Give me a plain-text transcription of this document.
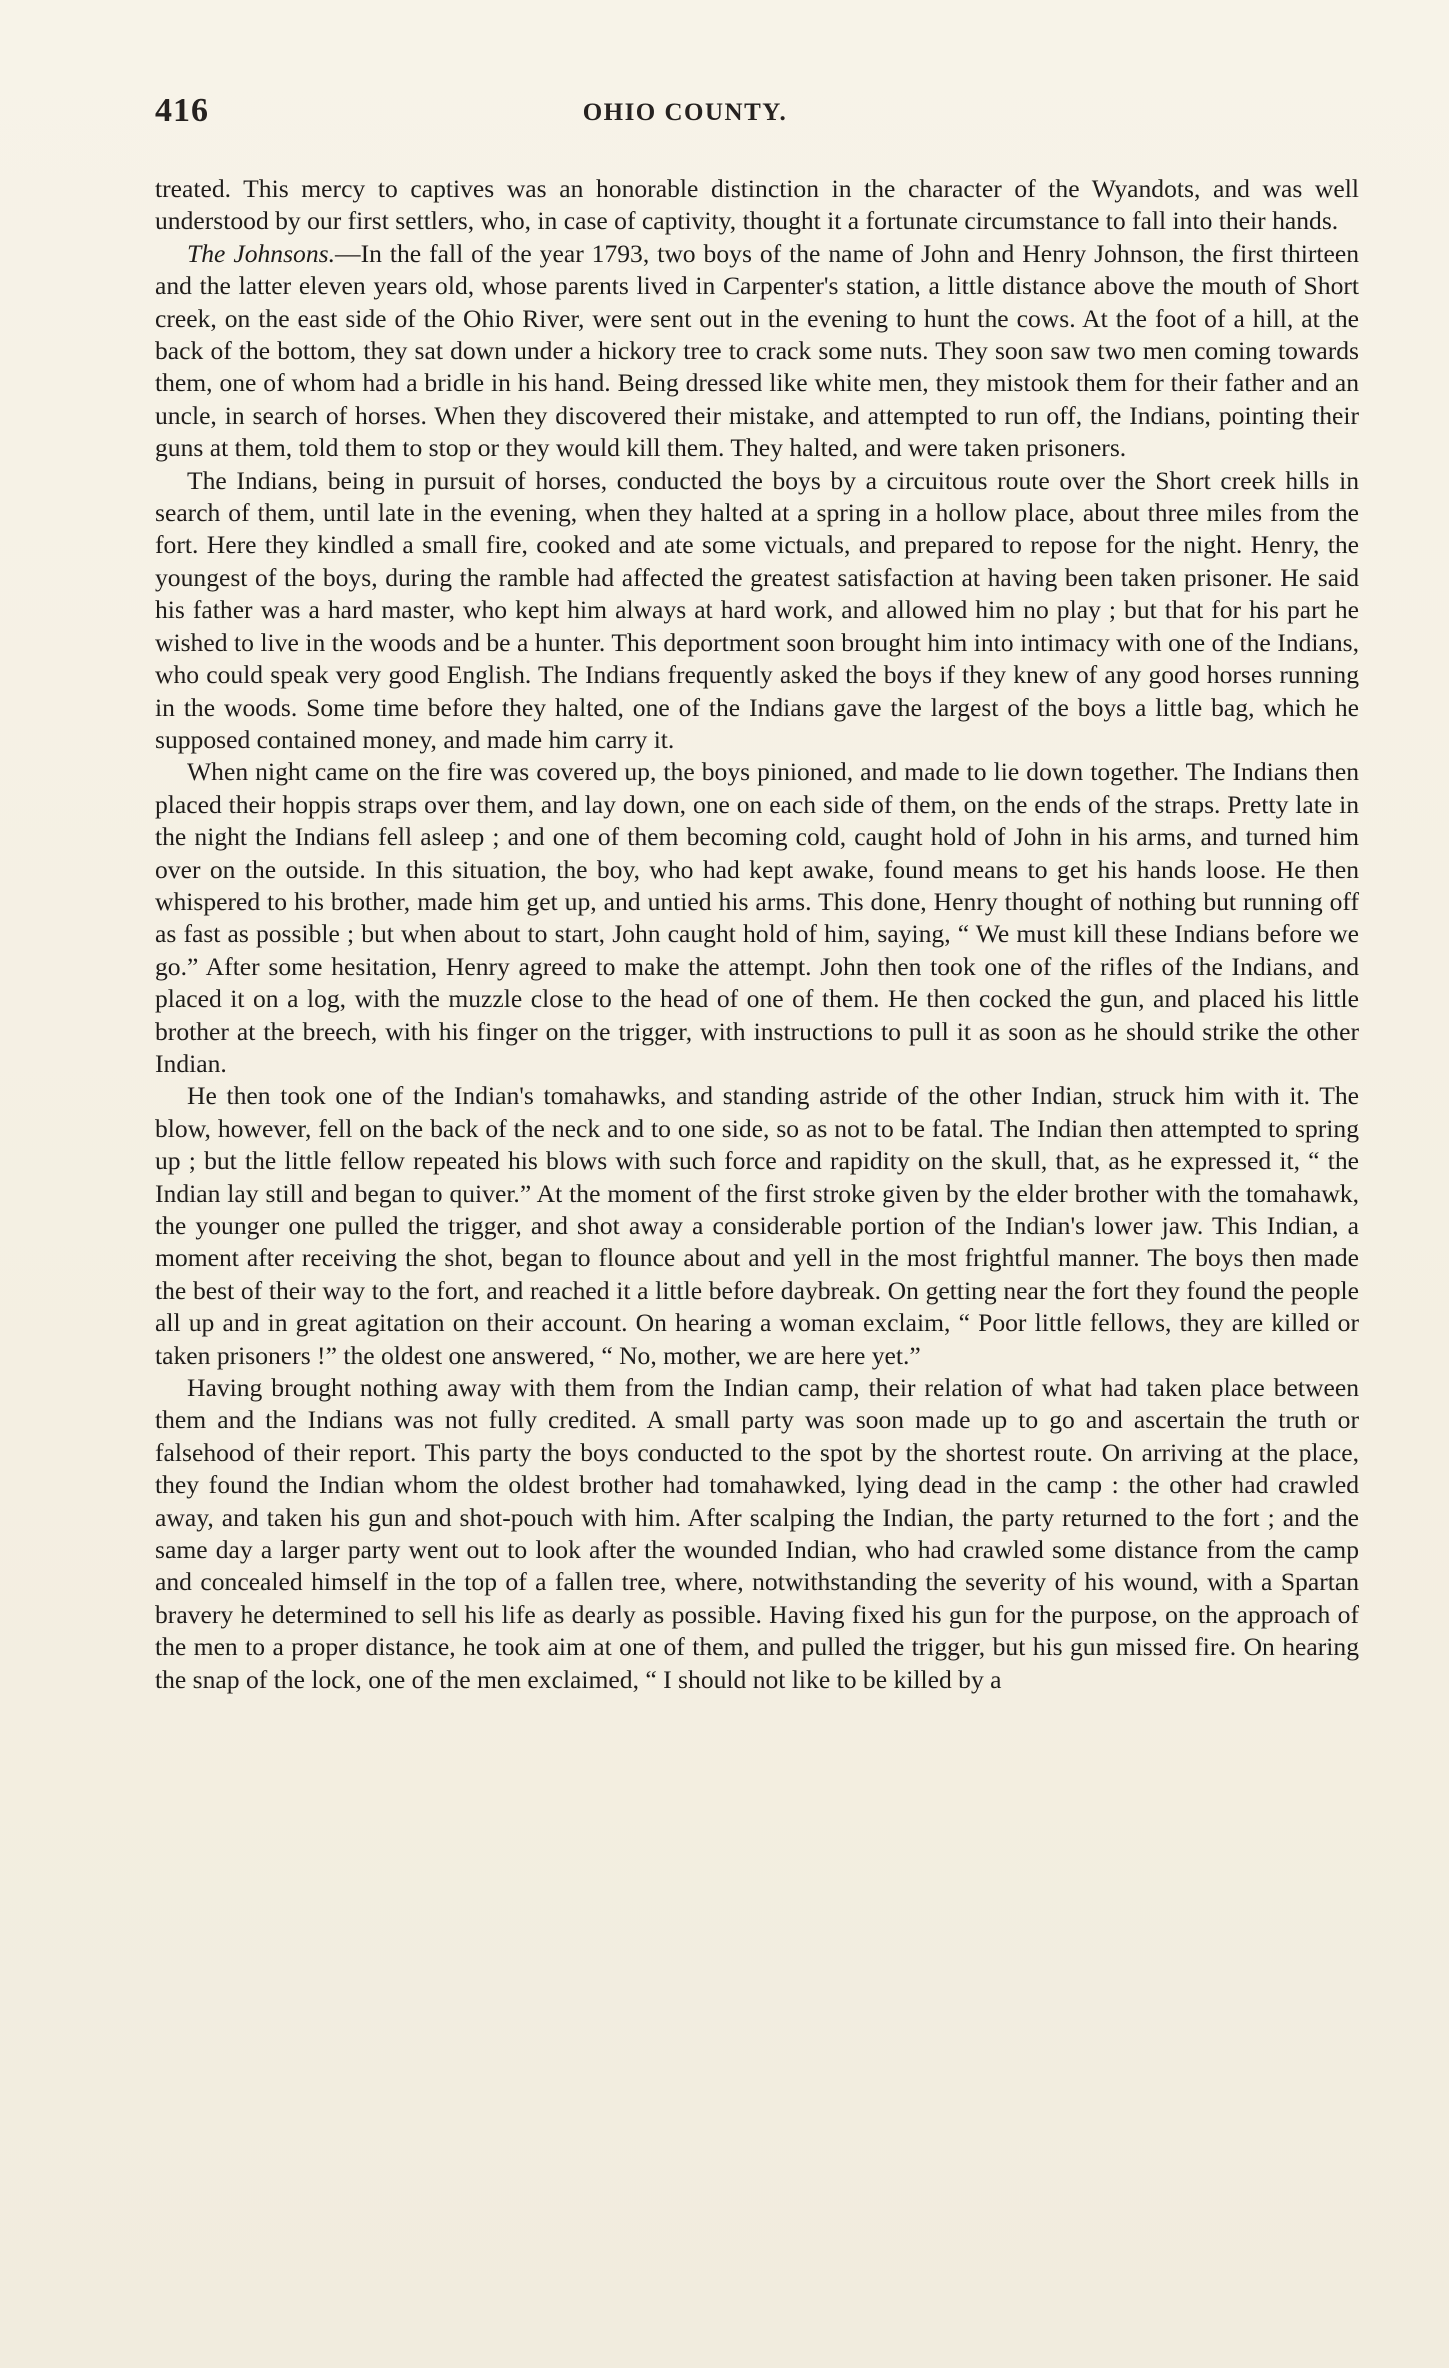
416	OHIO COUNTY.

treated. This mercy to captives was an honorable distinction in the character of the Wyandots, and was well understood by our first settlers, who, in case of captivity, thought it a fortunate circumstance to fall into their hands.

The Johnsons.—In the fall of the year 1793, two boys of the name of John and Henry Johnson, the first thirteen and the latter eleven years old, whose parents lived in Carpenter's station, a little distance above the mouth of Short creek, on the east side of the Ohio River, were sent out in the evening to hunt the cows. At the foot of a hill, at the back of the bottom, they sat down under a hickory tree to crack some nuts. They soon saw two men coming towards them, one of whom had a bridle in his hand. Being dressed like white men, they mistook them for their father and an uncle, in search of horses. When they discovered their mistake, and attempted to run off, the Indians, pointing their guns at them, told them to stop or they would kill them. They halted, and were taken prisoners.

The Indians, being in pursuit of horses, conducted the boys by a circuitous route over the Short creek hills in search of them, until late in the evening, when they halted at a spring in a hollow place, about three miles from the fort. Here they kindled a small fire, cooked and ate some victuals, and prepared to repose for the night. Henry, the youngest of the boys, during the ramble had affected the greatest satisfaction at having been taken prisoner. He said his father was a hard master, who kept him always at hard work, and allowed him no play ; but that for his part he wished to live in the woods and be a hunter. This deportment soon brought him into intimacy with one of the Indians, who could speak very good English. The Indians frequently asked the boys if they knew of any good horses running in the woods. Some time before they halted, one of the Indians gave the largest of the boys a little bag, which he supposed contained money, and made him carry it.

When night came on the fire was covered up, the boys pinioned, and made to lie down together. The Indians then placed their hoppis straps over them, and lay down, one on each side of them, on the ends of the straps. Pretty late in the night the Indians fell asleep ; and one of them becoming cold, caught hold of John in his arms, and turned him over on the outside. In this situation, the boy, who had kept awake, found means to get his hands loose. He then whispered to his brother, made him get up, and untied his arms. This done, Henry thought of nothing but running off as fast as possible ; but when about to start, John caught hold of him, saying, “ We must kill these Indians before we go.” After some hesitation, Henry agreed to make the attempt. John then took one of the rifles of the Indians, and placed it on a log, with the muzzle close to the head of one of them. He then cocked the gun, and placed his little brother at the breech, with his finger on the trigger, with instructions to pull it as soon as he should strike the other Indian.

He then took one of the Indian's tomahawks, and standing astride of the other Indian, struck him with it. The blow, however, fell on the back of the neck and to one side, so as not to be fatal. The Indian then attempted to spring up ; but the little fellow repeated his blows with such force and rapidity on the skull, that, as he expressed it, “ the Indian lay still and began to quiver.” At the moment of the first stroke given by the elder brother with the tomahawk, the younger one pulled the trigger, and shot away a considerable portion of the Indian's lower jaw. This Indian, a moment after receiving the shot, began to flounce about and yell in the most frightful manner. The boys then made the best of their way to the fort, and reached it a little before daybreak. On getting near the fort they found the people all up and in great agitation on their account. On hearing a woman exclaim, “ Poor little fellows, they are killed or taken prisoners !” the oldest one answered, “ No, mother, we are here yet.”

Having brought nothing away with them from the Indian camp, their relation of what had taken place between them and the Indians was not fully credited. A small party was soon made up to go and ascertain the truth or falsehood of their report. This party the boys conducted to the spot by the shortest route. On arriving at the place, they found the Indian whom the oldest brother had tomahawked, lying dead in the camp : the other had crawled away, and taken his gun and shot-pouch with him. After scalping the Indian, the party returned to the fort ; and the same day a larger party went out to look after the wounded Indian, who had crawled some distance from the camp and concealed himself in the top of a fallen tree, where, notwithstanding the severity of his wound, with a Spartan bravery he determined to sell his life as dearly as possible. Having fixed his gun for the purpose, on the approach of the men to a proper distance, he took aim at one of them, and pulled the trigger, but his gun missed fire. On hearing the snap of the lock, one of the men exclaimed, “ I should not like to be killed by a
